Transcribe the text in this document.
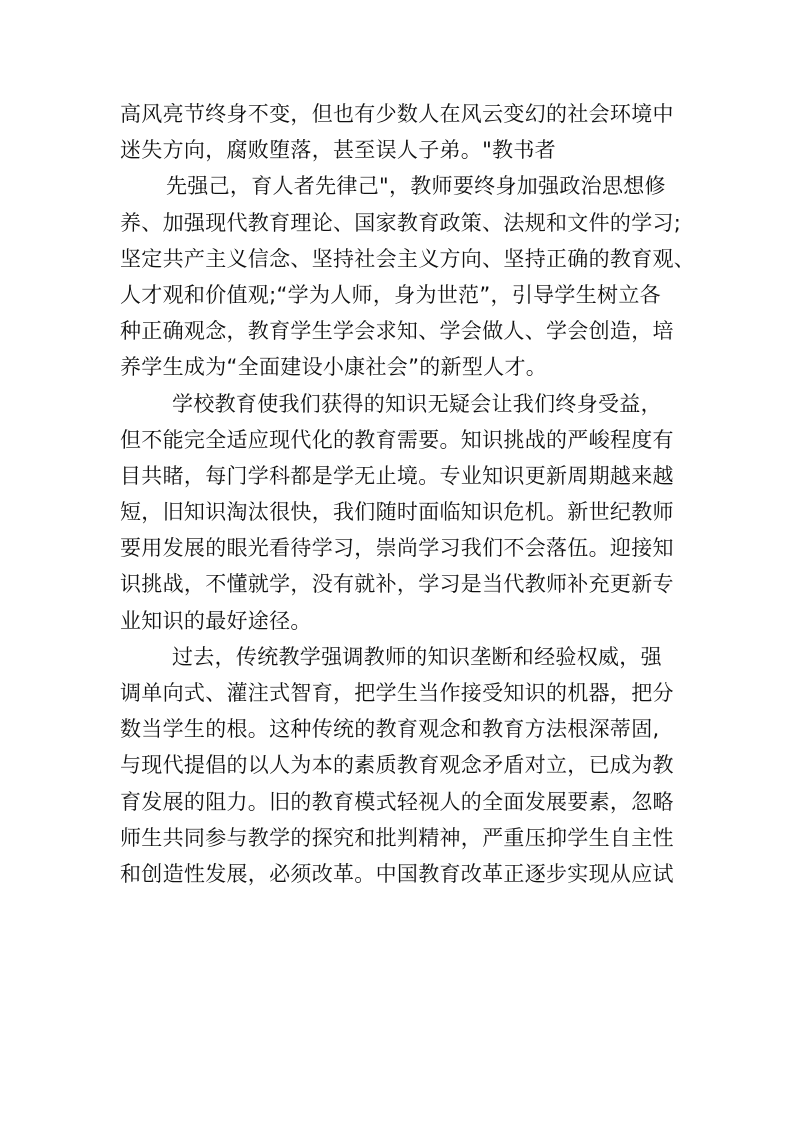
高风亮节终身不变，但也有少数人在风云变幻的社会环境中
迷失方向，腐败堕落，甚至误人子弟。"教书者
先强己，育人者先律己"，教师要终身加强政治思想修
养、加强现代教育理论、国家教育政策、法规和文件的学习;
坚定共产主义信念、坚持社会主义方向、坚持正确的教育观、
人才观和价值观;“学为人师，身为世范”，引导学生树立各
种正确观念，教育学生学会求知、学会做人、学会创造，培
养学生成为“全面建设小康社会”的新型人才。
学校教育使我们获得的知识无疑会让我们终身受益，
但不能完全适应现代化的教育需要。知识挑战的严峻程度有
目共睹，每门学科都是学无止境。专业知识更新周期越来越
短，旧知识淘汰很快，我们随时面临知识危机。新世纪教师
要用发展的眼光看待学习，崇尚学习我们不会落伍。迎接知
识挑战，不懂就学，没有就补，学习是当代教师补充更新专
业知识的最好途径。
过去，传统教学强调教师的知识垄断和经验权威，强
调单向式、灌注式智育，把学生当作接受知识的机器，把分
数当学生的根。这种传统的教育观念和教育方法根深蒂固,
与现代提倡的以人为本的素质教育观念矛盾对立，已成为教
育发展的阻力。旧的教育模式轻视人的全面发展要素，忽略
师生共同参与教学的探究和批判精神，严重压抑学生自主性
和创造性发展，必须改革。中国教育改革正逐步实现从应试
